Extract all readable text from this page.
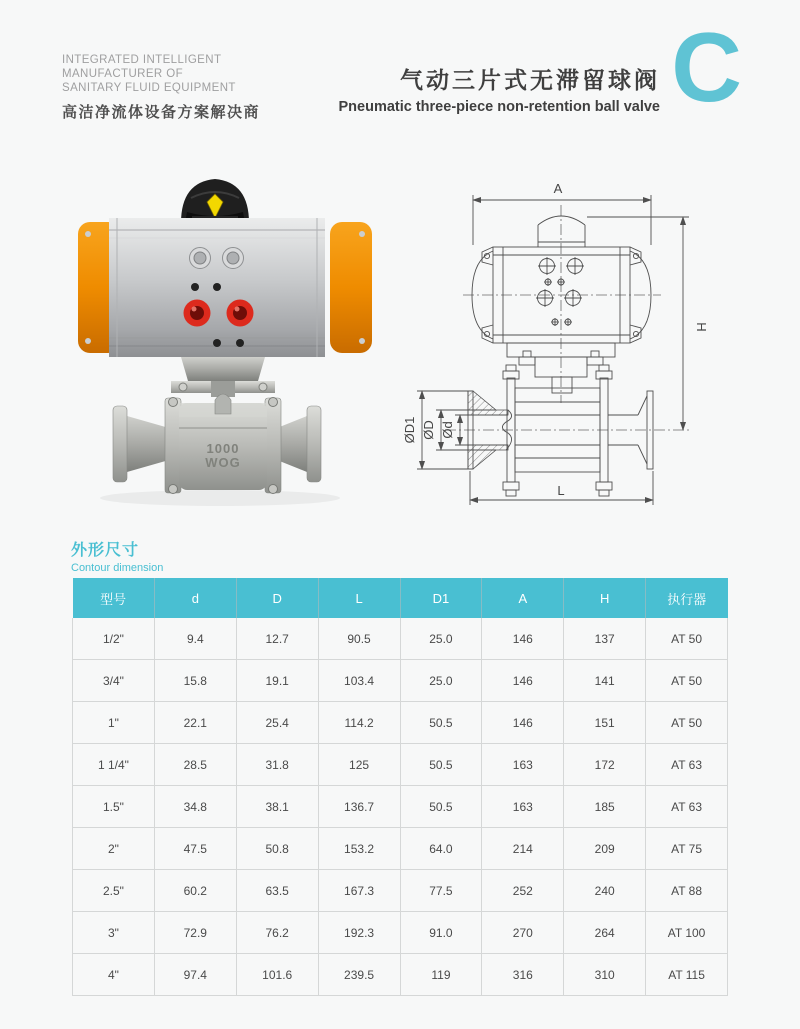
INTEGRATED INTELLIGENT
MANUFACTURER OF
SANITARY FLUID EQUIPMENT
高洁净流体设备方案解决商
气动三片式无滞留球阀
Pneumatic three-piece non-retention ball valve C
1000
WOG
A
H
ØD1 ØD Ød
L
外形尺寸
Contour dimension
型号	d	D	L	D1	A	H	执行器
1/2"	9.4	12.7	90.5	25.0	146	137	AT 50
3/4"	15.8	19.1	103.4	25.0	146	141	AT 50
1"	22.1	25.4	114.2	50.5	146	151	AT 50
1 1/4"	28.5	31.8	125	50.5	163	172	AT 63
1.5"	34.8	38.1	136.7	50.5	163	185	AT 63
2"	47.5	50.8	153.2	64.0	214	209	AT 75
2.5"	60.2	63.5	167.3	77.5	252	240	AT 88
3"	72.9	76.2	192.3	91.0	270	264	AT 100
4"	97.4	101.6	239.5	119	316	310	AT 115
